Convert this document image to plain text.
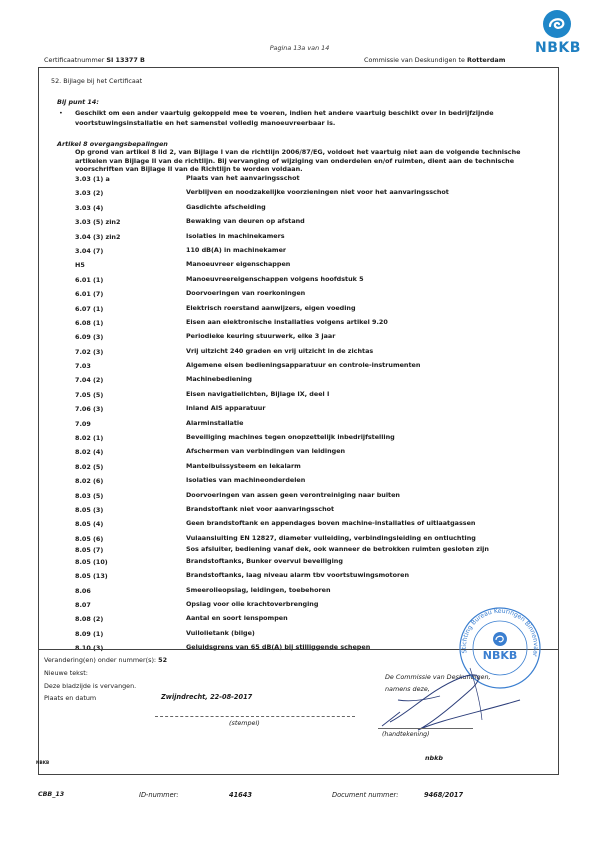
Pagina 13a van 14
Certificaatnummer SI 13377 B	Commissie van Deskundigen te Rotterdam
NBKB
52. Bijlage bij het Certificaat
Bij punt 14:
• Geschikt om een ander vaartuig gekoppeld mee te voeren, indien het andere vaartuig beschikt over in bedrijfzijnde voortstuwingsinstallatie en het samenstel volledig manoeuvreerbaar is.
Artikel 8 overgangsbepalingen
Op grond van artikel 8 lid 2, van Bijlage I van de richtlijn 2006/87/EG, voldoet het vaartuig niet aan de volgende technische artikelen van Bijlage II van de richtlijn. Bij vervanging of wijziging van onderdelen en/of ruimten, dient aan de technische voorschriften van Bijlage II van de Richtlijn te worden voldaan.
3.03 (1) a	Plaats van het aanvaringsschot
3.03 (2)	Verblijven en noodzakelijke voorzieningen niet voor het aanvaringsschot
3.03 (4)	Gasdichte afscheiding
3.03 (5) zin2	Bewaking van deuren op afstand
3.04 (3) zin2	Isolaties in machinekamers
3.04 (7)	110 dB(A) in machinekamer
H5	Manoeuvreer eigenschappen
6.01 (1)	Manoeuvreereigenschappen volgens hoofdstuk 5
6.01 (7)	Doorvoeringen van roerkoningen
6.07 (1)	Elektrisch roerstand aanwijzers, eigen voeding
6.08 (1)	Eisen aan elektronische installaties volgens artikel 9.20
6.09 (3)	Periodieke keuring stuurwerk, elke 3 jaar
7.02 (3)	Vrij uitzicht 240 graden en vrij uitzicht in de zichtas
7.03	Algemene eisen bedieningsapparatuur en controle-instrumenten
7.04 (2)	Machinebediening
7.05 (5)	Eisen navigatielichten, Bijlage IX, deel I
7.06 (3)	Inland AIS apparatuur
7.09	Alarminstallatie
8.02 (1)	Beveiliging machines tegen onopzettelijk inbedrijfstelling
8.02 (4)	Afschermen van verbindingen van leidingen
8.02 (5)	Mantelbuissysteem en lekalarm
8.02 (6)	Isolaties van machineonderdelen
8.03 (5)	Doorvoeringen van assen geen verontreiniging naar buiten
8.05 (3)	Brandstoftank niet voor aanvaringsschot
8.05 (4)	Geen brandstoftank en appendages boven machine-installaties of uitlaatgassen
8.05 (6)	Vulaansluiting EN 12827, diameter vulleiding, verbindingsleiding en ontluchting
8.05 (7)	Sos afsluiter, bediening vanaf dek, ook wanneer de betrokken ruimten gesloten zijn
8.05 (10)	Brandstoftanks, Bunker overvul beveiliging
8.05 (13)	Brandstoftanks, laag niveau alarm tbv voortstuwingsmotoren
8.06	Smeerolieopslag, leidingen, toebehoren
8.07	Opslag voor olie krachtoverbrenging
8.08 (2)	Aantal en soort lenspompen
8.09 (1)	Vuilolietank (bilge)
8.10 (3)	Geluidsgrens van 65 dB(A) bij stilliggende schepen
Verandering(en) onder nummer(s): 52
Nieuwe tekst:
Deze bladzijde is vervangen.
Plaats en datum	Zwijndrecht, 22-08-2017
(stempel)
De Commissie van Deskundigen,
namens deze,
Stichting Bureau Keuringen Binnenvaar
NBKB
(handtekening)
nbkb
NBKB
CBB_13	ID-nummer:	41643	Document nummer:	9468/2017
